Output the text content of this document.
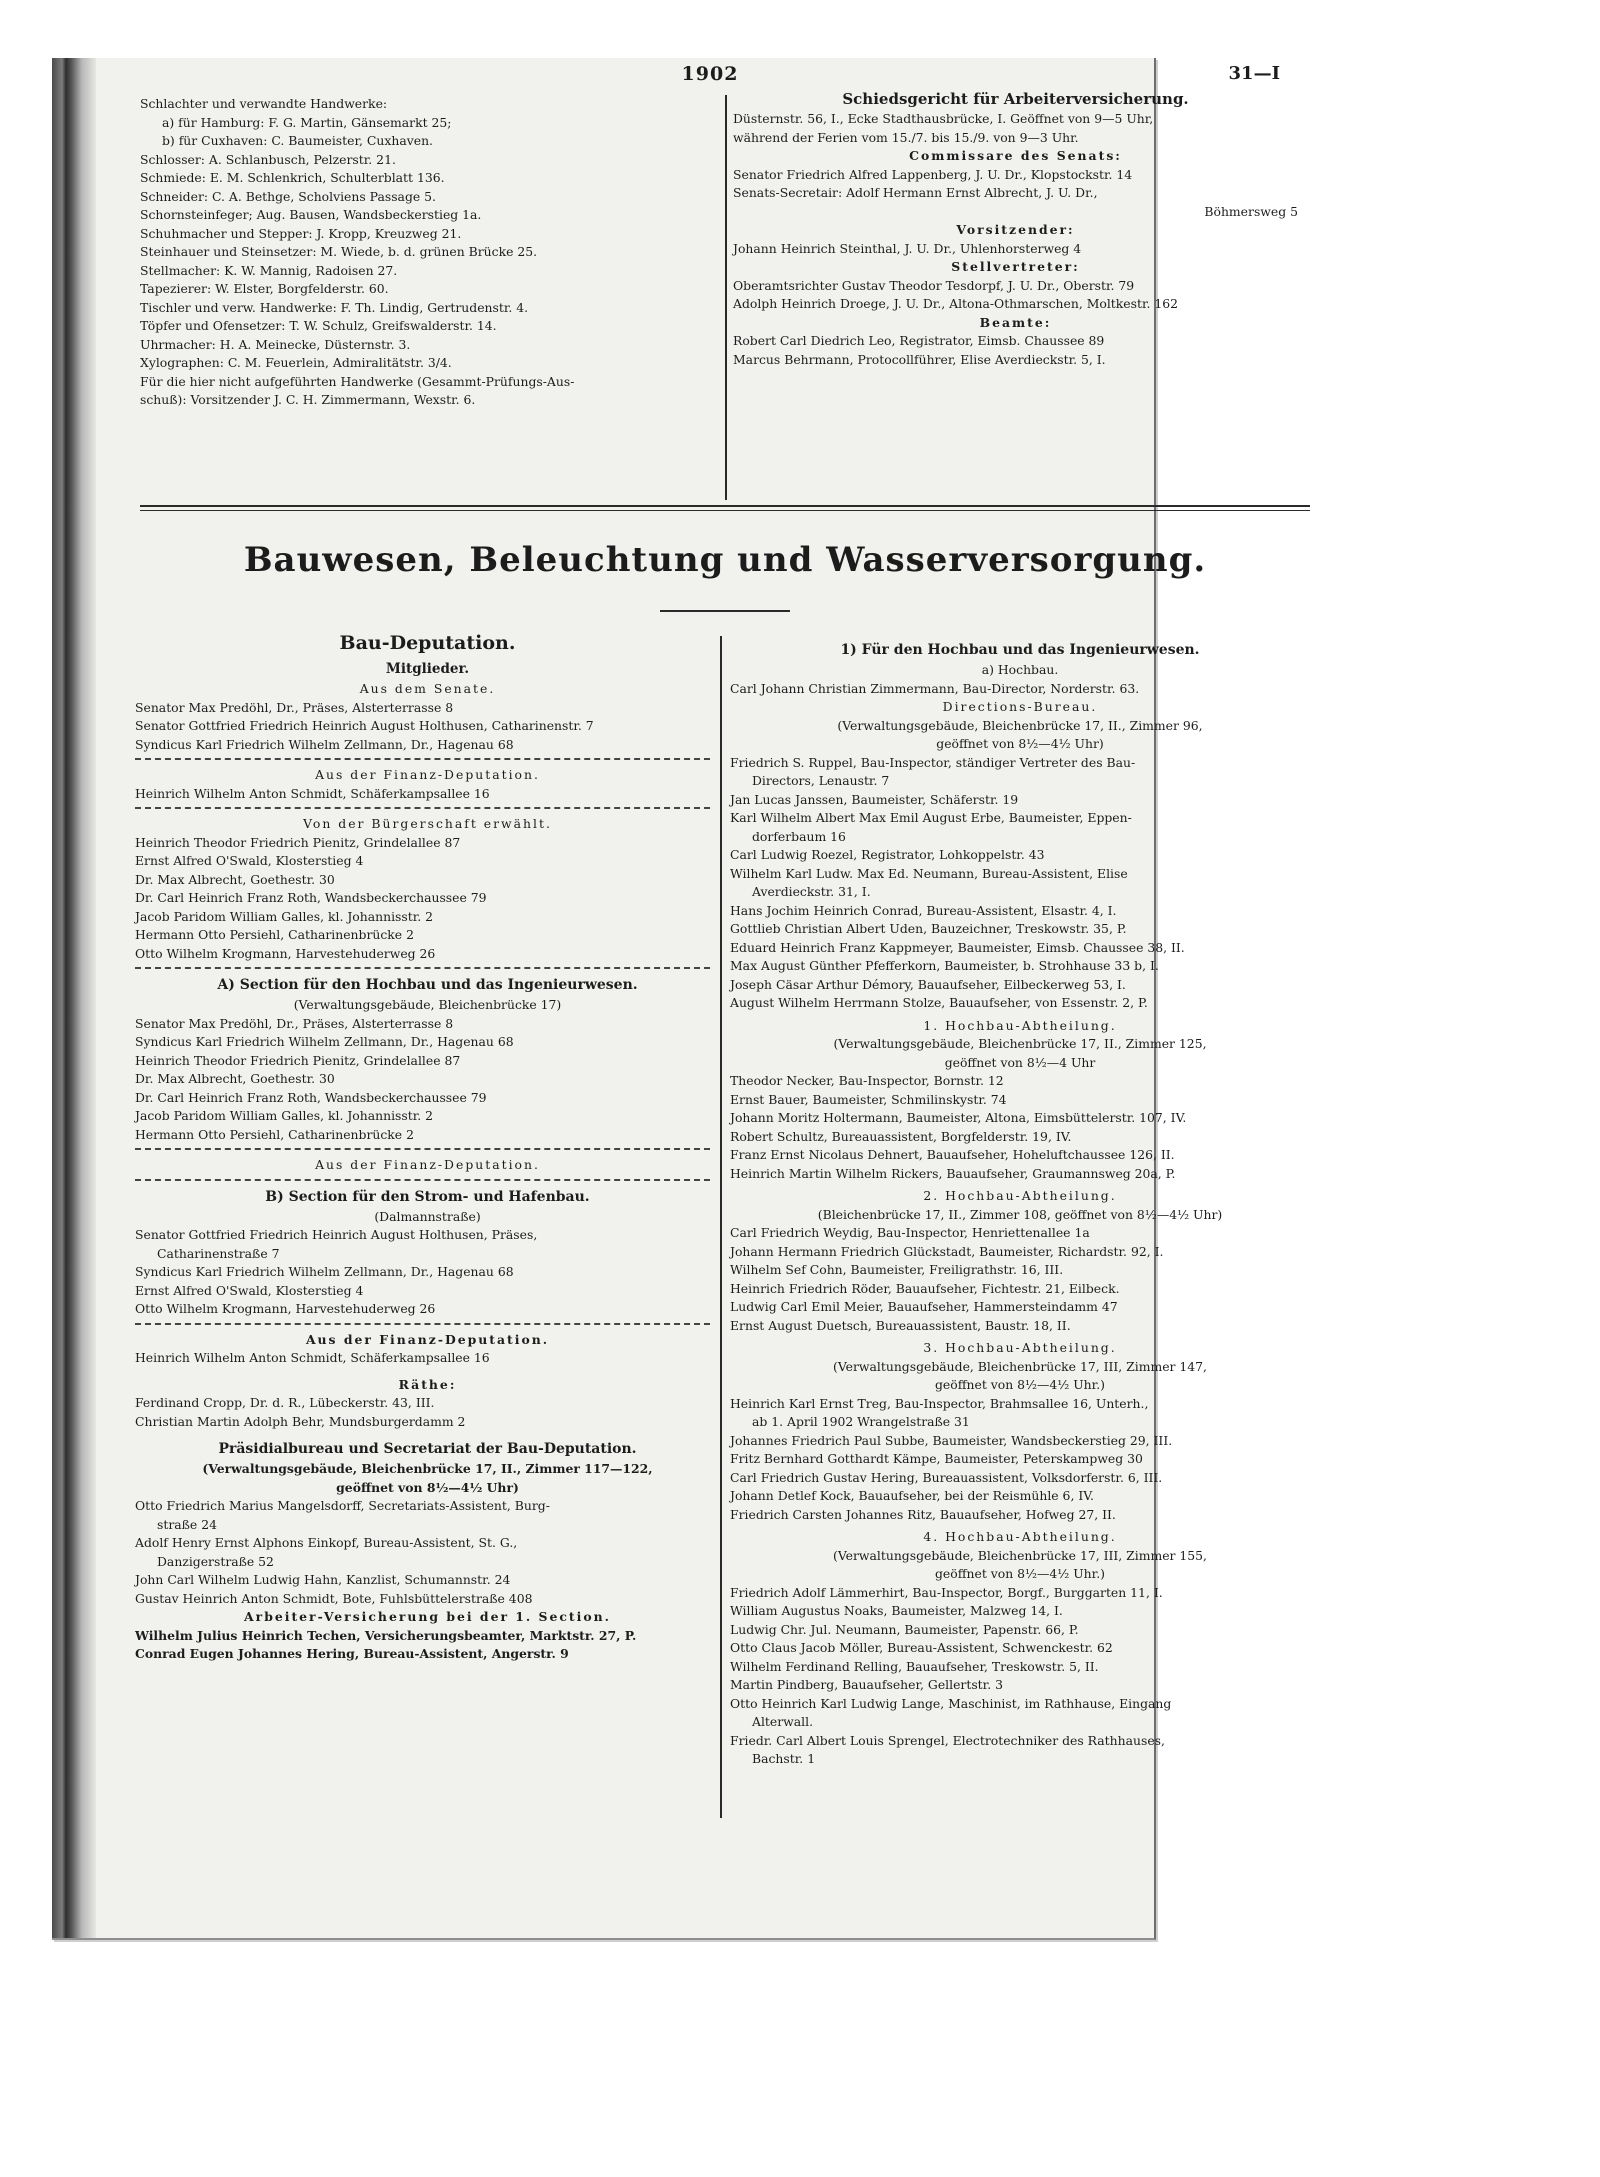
1902	31—I
Schlachter und verwandte Handwerke:
a) für Hamburg: F. G. Martin, Gänsemarkt 25;
b) für Cuxhaven: C. Baumeister, Cuxhaven.
Schlosser: A. Schlanbusch, Pelzerstr. 21.
Schmiede: E. M. Schlenkrich, Schulterblatt 136.
Schneider: C. A. Bethge, Scholviens Passage 5.
Schornsteinfeger; Aug. Bausen, Wandsbeckerstieg 1a.
Schuhmacher und Stepper: J. Kropp, Kreuzweg 21.
Steinhauer und Steinsetzer: M. Wiede, b. d. grünen Brücke 25.
Stellmacher: K. W. Mannig, Radoisen 27.
Tapezierer: W. Elster, Borgfelderstr. 60.
Tischler und verw. Handwerke: F. Th. Lindig, Gertrudenstr. 4.
Töpfer und Ofensetzer: T. W. Schulz, Greifswalderstr. 14.
Uhrmacher: H. A. Meinecke, Düsternstr. 3.
Xylographen: C. M. Feuerlein, Admiralitätstr. 3/4.
Für die hier nicht aufgeführten Handwerke (Gesammt-Prüfungs-Aus-
schuß): Vorsitzender J. C. H. Zimmermann, Wexstr. 6.
Schiedsgericht für Arbeiterversicherung.
Düsternstr. 56, I., Ecke Stadthausbrücke, I. Geöffnet von 9—5 Uhr,
während der Ferien vom 15./7. bis 15./9. von 9—3 Uhr.
Commissare des Senats:
Senator Friedrich Alfred Lappenberg, J. U. Dr., Klopstockstr. 14
Senats-Secretair: Adolf Hermann Ernst Albrecht, J. U. Dr.,
Böhmersweg 5
Vorsitzender:
Johann Heinrich Steinthal, J. U. Dr., Uhlenhorsterweg 4
Stellvertreter:
Oberamtsrichter Gustav Theodor Tesdorpf, J. U. Dr., Oberstr. 79
Adolph Heinrich Droege, J. U. Dr., Altona-Othmarschen, Moltkestr. 162
Beamte:
Robert Carl Diedrich Leo, Registrator, Eimsb. Chaussee 89
Marcus Behrmann, Protocollführer, Elise Averdieckstr. 5, I.
Bauwesen, Beleuchtung und Wasserversorgung.
Bau-Deputation.
Mitglieder.
Aus dem Senate.
Senator Max Predöhl, Dr., Präses, Alsterterrasse 8
Senator Gottfried Friedrich Heinrich August Holthusen, Catharinenstr. 7
Syndicus Karl Friedrich Wilhelm Zellmann, Dr., Hagenau 68
Aus der Finanz-Deputation.
Heinrich Wilhelm Anton Schmidt, Schäferkampsallee 16
Von der Bürgerschaft erwählt.
Heinrich Theodor Friedrich Pienitz, Grindelallee 87
Ernst Alfred O'Swald, Klosterstieg 4
Dr. Max Albrecht, Goethestr. 30
Dr. Carl Heinrich Franz Roth, Wandsbeckerchaussee 79
Jacob Paridom William Galles, kl. Johannisstr. 2
Hermann Otto Persiehl, Catharinenbrücke 2
Otto Wilhelm Krogmann, Harvestehuderweg 26
A) Section für den Hochbau und das Ingenieurwesen.
(Verwaltungsgebäude, Bleichenbrücke 17)
Senator Max Predöhl, Dr., Präses, Alsterterrasse 8
Syndicus Karl Friedrich Wilhelm Zellmann, Dr., Hagenau 68
Heinrich Theodor Friedrich Pienitz, Grindelallee 87
Dr. Max Albrecht, Goethestr. 30
Dr. Carl Heinrich Franz Roth, Wandsbeckerchaussee 79
Jacob Paridom William Galles, kl. Johannisstr. 2
Hermann Otto Persiehl, Catharinenbrücke 2
Aus der Finanz-Deputation.
B) Section für den Strom- und Hafenbau.
(Dalmannstraße)
Senator Gottfried Friedrich Heinrich August Holthusen, Präses,
Catharinenstraße 7
Syndicus Karl Friedrich Wilhelm Zellmann, Dr., Hagenau 68
Ernst Alfred O'Swald, Klosterstieg 4
Otto Wilhelm Krogmann, Harvestehuderweg 26
Aus der Finanz-Deputation.
Heinrich Wilhelm Anton Schmidt, Schäferkampsallee 16
Räthe:
Ferdinand Cropp, Dr. d. R., Lübeckerstr. 43, III.
Christian Martin Adolph Behr, Mundsburgerdamm 2
Präsidialbureau und Secretariat der Bau-Deputation.
(Verwaltungsgebäude, Bleichenbrücke 17, II., Zimmer 117—122,
geöffnet von 8½—4½ Uhr)
Otto Friedrich Marius Mangelsdorff, Secretariats-Assistent, Burg-
straße 24
Adolf Henry Ernst Alphons Einkopf, Bureau-Assistent, St. G.,
Danzigerstraße 52
John Carl Wilhelm Ludwig Hahn, Kanzlist, Schumannstr. 24
Gustav Heinrich Anton Schmidt, Bote, Fuhlsbüttelerstraße 408
Arbeiter-Versicherung bei der 1. Section.
Wilhelm Julius Heinrich Techen, Versicherungsbeamter, Marktstr. 27, P.
Conrad Eugen Johannes Hering, Bureau-Assistent, Angerstr. 9
1) Für den Hochbau und das Ingenieurwesen.
a) Hochbau.
Carl Johann Christian Zimmermann, Bau-Director, Norderstr. 63.
Directions-Bureau.
(Verwaltungsgebäude, Bleichenbrücke 17, II., Zimmer 96,
geöffnet von 8½—4½ Uhr)
Friedrich S. Ruppel, Bau-Inspector, ständiger Vertreter des Bau-
Directors, Lenaustr. 7
Jan Lucas Janssen, Baumeister, Schäferstr. 19
Karl Wilhelm Albert Max Emil August Erbe, Baumeister, Eppen-
dorferbaum 16
Carl Ludwig Roezel, Registrator, Lohkoppelstr. 43
Wilhelm Karl Ludw. Max Ed. Neumann, Bureau-Assistent, Elise
Averdieckstr. 31, I.
Hans Jochim Heinrich Conrad, Bureau-Assistent, Elsastr. 4, I.
Gottlieb Christian Albert Uden, Bauzeichner, Treskowstr. 35, P.
Eduard Heinrich Franz Kappmeyer, Baumeister, Eimsb. Chaussee 38, II.
Max August Günther Pfefferkorn, Baumeister, b. Strohhause 33 b, I.
Joseph Cäsar Arthur Démory, Bauaufseher, Eilbeckerweg 53, I.
August Wilhelm Herrmann Stolze, Bauaufseher, von Essenstr. 2, P.
1. Hochbau-Abtheilung.
(Verwaltungsgebäude, Bleichenbrücke 17, II., Zimmer 125,
geöffnet von 8½—4 Uhr
Theodor Necker, Bau-Inspector, Bornstr. 12
Ernst Bauer, Baumeister, Schmilinskystr. 74
Johann Moritz Holtermann, Baumeister, Altona, Eimsbüttelerstr. 107, IV.
Robert Schultz, Bureauassistent, Borgfelderstr. 19, IV.
Franz Ernst Nicolaus Dehnert, Bauaufseher, Hoheluftchaussee 126, II.
Heinrich Martin Wilhelm Rickers, Bauaufseher, Graumannsweg 20a, P.
2. Hochbau-Abtheilung.
(Bleichenbrücke 17, II., Zimmer 108, geöffnet von 8½—4½ Uhr)
Carl Friedrich Weydig, Bau-Inspector, Henriettenallee 1a
Johann Hermann Friedrich Glückstadt, Baumeister, Richardstr. 92, I.
Wilhelm Sef Cohn, Baumeister, Freiligrathstr. 16, III.
Heinrich Friedrich Röder, Bauaufseher, Fichtestr. 21, Eilbeck.
Ludwig Carl Emil Meier, Bauaufseher, Hammersteindamm 47
Ernst August Duetsch, Bureauassistent, Baustr. 18, II.
3. Hochbau-Abtheilung.
(Verwaltungsgebäude, Bleichenbrücke 17, III, Zimmer 147,
geöffnet von 8½—4½ Uhr.)
Heinrich Karl Ernst Treg, Bau-Inspector, Brahmsallee 16, Unterh.,
ab 1. April 1902 Wrangelstraße 31
Johannes Friedrich Paul Subbe, Baumeister, Wandsbeckerstieg 29, III.
Fritz Bernhard Gotthardt Kämpe, Baumeister, Peterskampweg 30
Carl Friedrich Gustav Hering, Bureauassistent, Volksdorferstr. 6, III.
Johann Detlef Kock, Bauaufseher, bei der Reismühle 6, IV.
Friedrich Carsten Johannes Ritz, Bauaufseher, Hofweg 27, II.
4. Hochbau-Abtheilung.
(Verwaltungsgebäude, Bleichenbrücke 17, III, Zimmer 155,
geöffnet von 8½—4½ Uhr.)
Friedrich Adolf Lämmerhirt, Bau-Inspector, Borgf., Burggarten 11, I.
William Augustus Noaks, Baumeister, Malzweg 14, I.
Ludwig Chr. Jul. Neumann, Baumeister, Papenstr. 66, P.
Otto Claus Jacob Möller, Bureau-Assistent, Schwenckestr. 62
Wilhelm Ferdinand Relling, Bauaufseher, Treskowstr. 5, II.
Martin Pindberg, Bauaufseher, Gellertstr. 3
Otto Heinrich Karl Ludwig Lange, Maschinist, im Rathhause, Eingang
Alterwall.
Friedr. Carl Albert Louis Sprengel, Electrotechniker des Rathhauses,
Bachstr. 1
